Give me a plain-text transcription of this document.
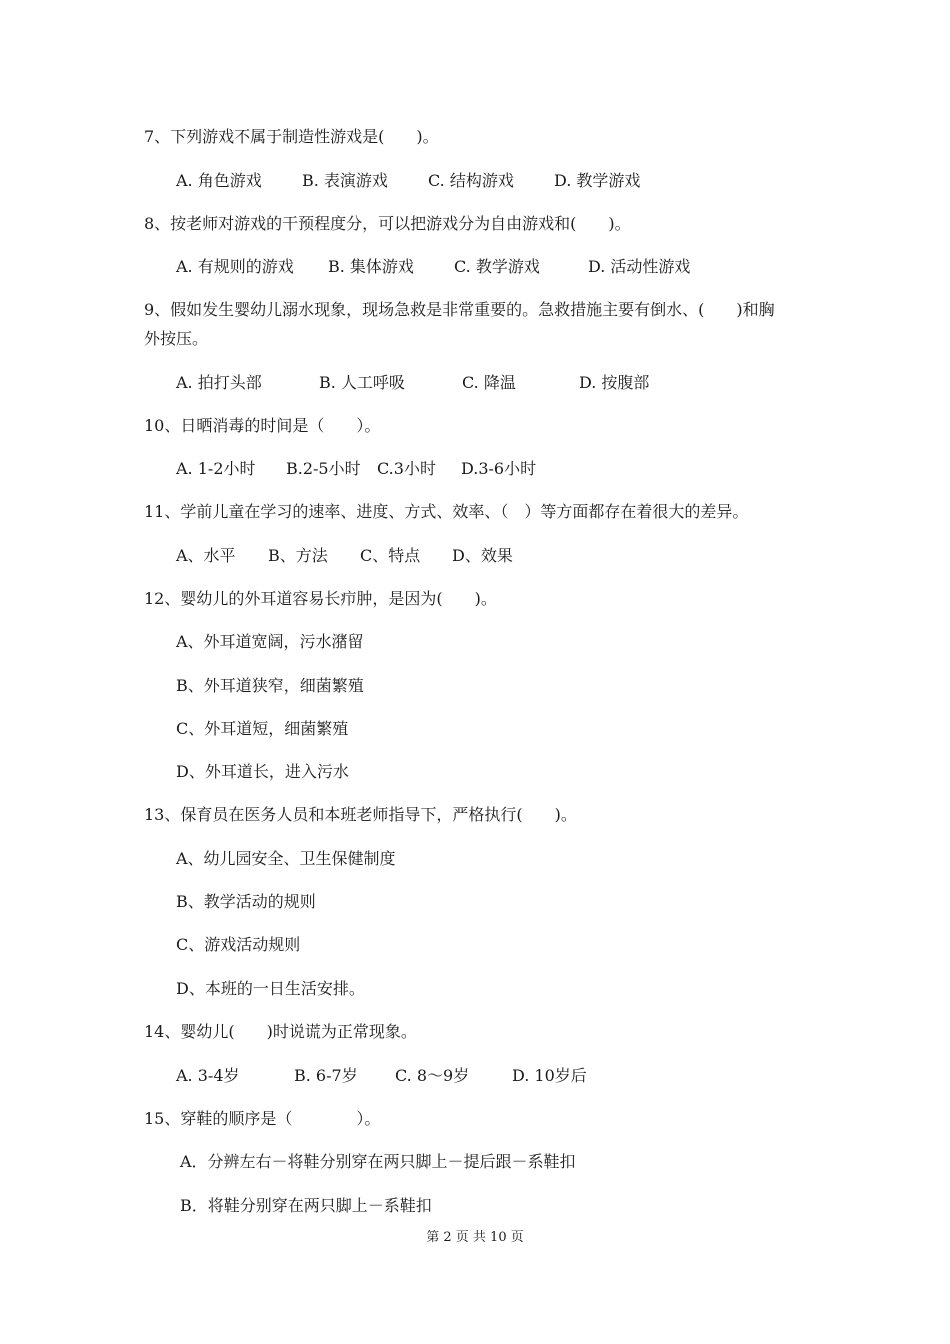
7、下列游戏不属于制造性游戏是(　　)。
A. 角色游戏	B. 表演游戏	C. 结构游戏	D. 教学游戏
8、按老师对游戏的干预程度分，可以把游戏分为自由游戏和(　　)。
A. 有规则的游戏 B. 集体游戏	C. 教学游戏	D. 活动性游戏
9、假如发生婴幼儿溺水现象，现场急救是非常重要的。急救措施主要有倒水、(　　)和胸
外按压。
A. 拍打头部	B. 人工呼吸	C. 降温	D. 按腹部
10、日晒消毒的时间是（　　）。
A. 1-2小时 B.2-5小时 C.3小时 D.3-6小时
11、学前儿童在学习的速率、进度、方式、效率、（　）等方面都存在着很大的差异。
A、水平 B、方法 C、特点 D、效果
12、婴幼儿的外耳道容易长疖肿，是因为(　　)。
A、外耳道宽阔，污水潴留
B、外耳道狭窄，细菌繁殖
C、外耳道短，细菌繁殖
D、外耳道长，进入污水
13、保育员在医务人员和本班老师指导下，严格执行(　　)。
A、幼儿园安全、卫生保健制度
B、教学活动的规则
C、游戏活动规则
D、本班的一日生活安排。
14、婴幼儿(　　)时说谎为正常现象。
A. 3-4岁	B. 6-7岁 C. 8～9岁	D. 10岁后
15、穿鞋的顺序是（　　　　）。
A．分辨左右－将鞋分别穿在两只脚上－提后跟－系鞋扣
B．将鞋分别穿在两只脚上－系鞋扣
第 2 页 共 10 页
